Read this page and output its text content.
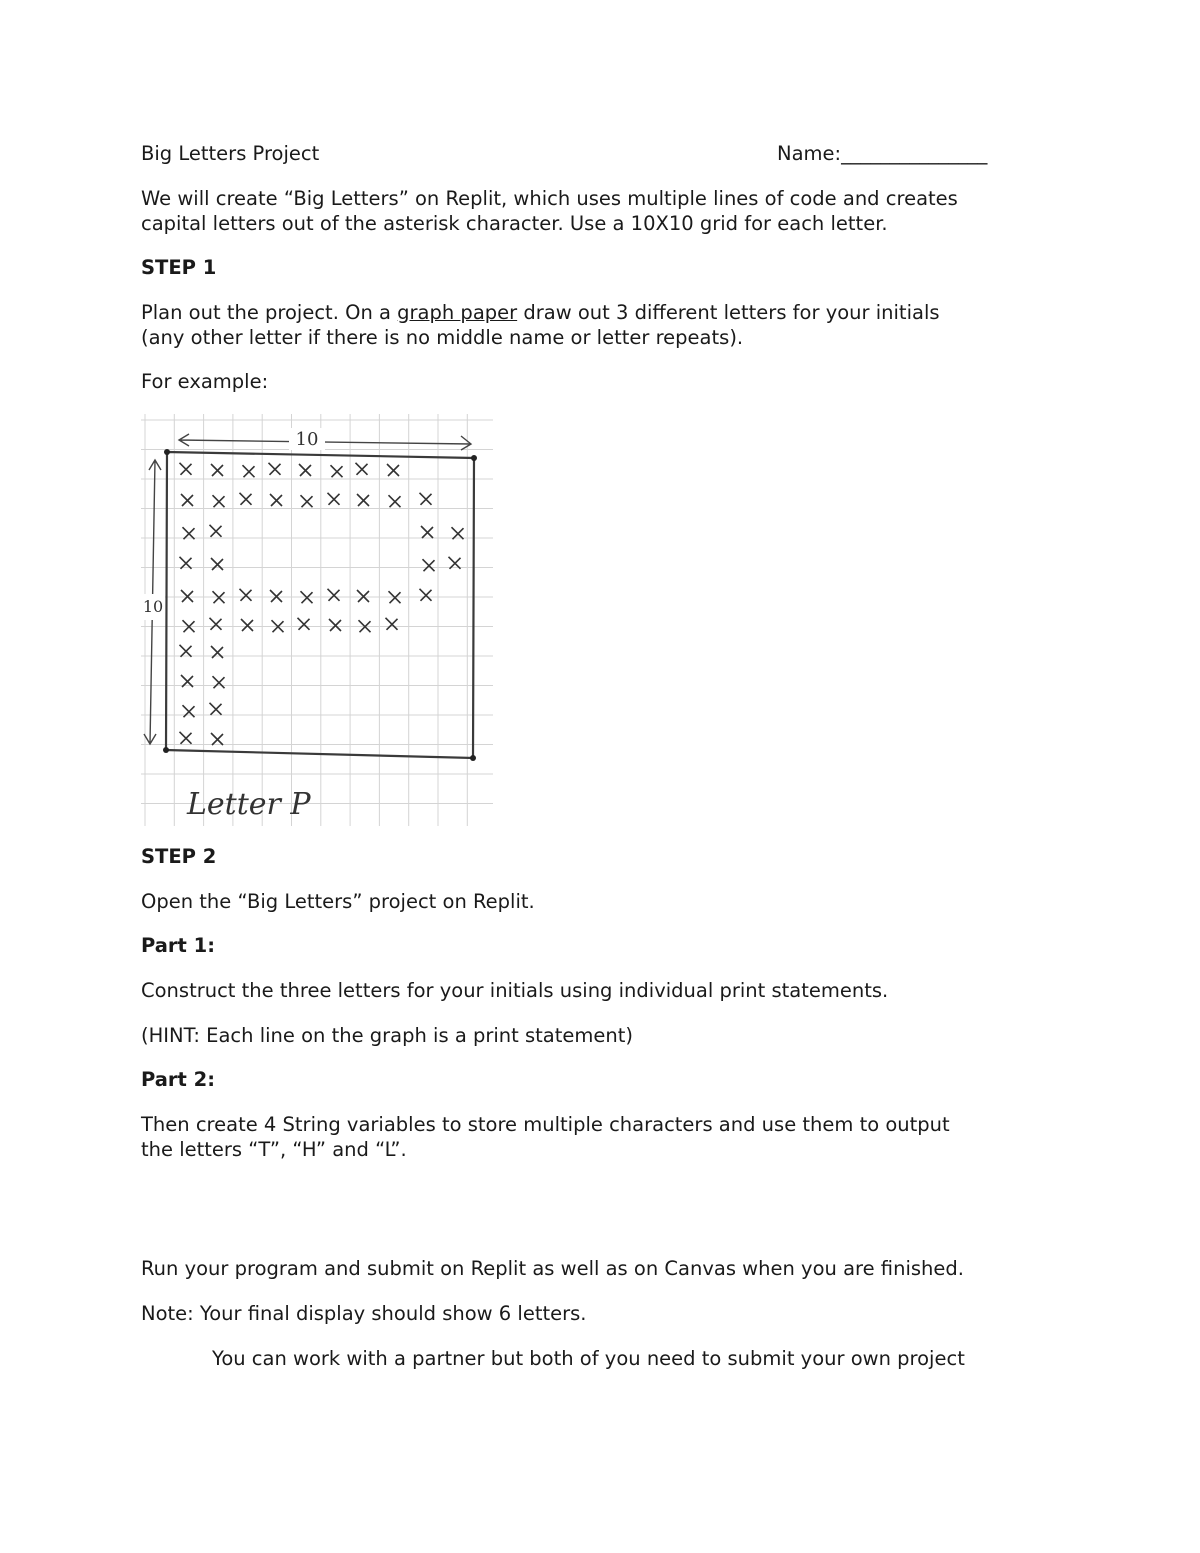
Big Letters Project	Name:_______________
We will create “Big Letters” on Replit, which uses multiple lines of code and creates
capital letters out of the asterisk character. Use a 10X10 grid for each letter.
STEP 1
Plan out the project. On a graph paper draw out 3 different letters for your initials
(any other letter if there is no middle name or letter repeats).
For example:
10
10
Letter P
STEP 2
Open the “Big Letters” project on Replit.
Part 1:
Construct the three letters for your initials using individual print statements.
(HINT: Each line on the graph is a print statement)
Part 2:
Then create 4 String variables to store multiple characters and use them to output
the letters “T”, “H” and “L”.
Run your program and submit on Replit as well as on Canvas when you are finished.
Note: Your final display should show 6 letters.
You can work with a partner but both of you need to submit your own project
